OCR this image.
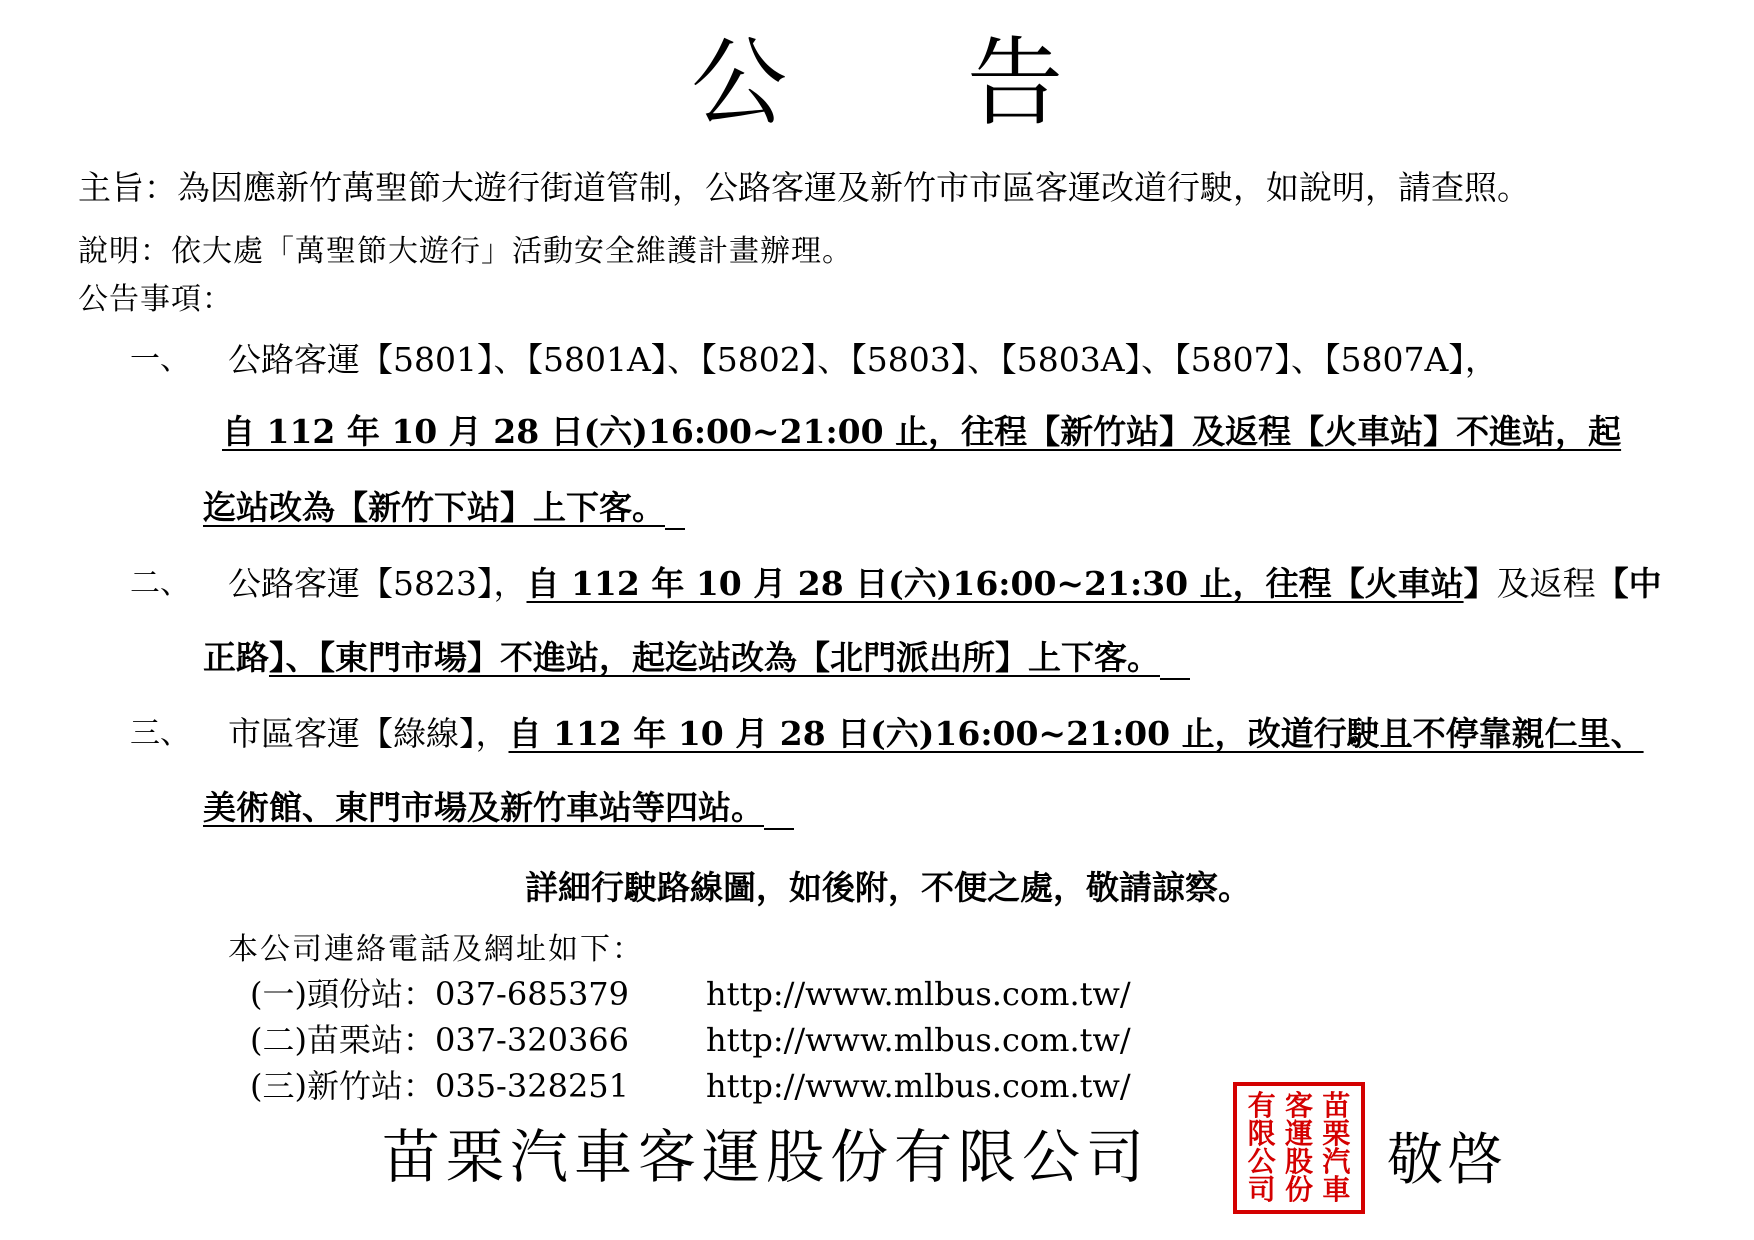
公 告
主旨：為因應新竹萬聖節大遊行街道管制，公路客運及新竹市市區客運改道行駛，如說明，請查照。
說明：依大處「萬聖節大遊行」活動安全維護計畫辦理。
公告事項：
一、 公路客運【5801】、【5801A】、【5802】、【5803】、【5803A】、【5807】、【5807A】，
自 112 年 10 月 28 日(六)16:00~21:00 止，往程【新竹站】及返程【火車站】不進站，起
迄站改為【新竹下站】上下客。
二、 公路客運【5823】，自 112 年 10 月 28 日(六)16:00~21:30 止，往程【火車站】及返程【中
正路】、【東門市場】不進站，起迄站改為【北門派出所】上下客。
三、 市區客運【綠線】，自 112 年 10 月 28 日(六)16:00~21:00 止，改道行駛且不停靠親仁里、
美術館、東門市場及新竹車站等四站。
詳細行駛路線圖，如後附，不便之處，敬請諒察。
本公司連絡電話及網址如下：
(一)頭份站：037-685379 http://www.mlbus.com.tw/
(二)苗栗站：037-320366 http://www.mlbus.com.tw/
(三)新竹站：035-328251 http://www.mlbus.com.tw/
苗栗汽車客運股份有限公司
有 客 苗
限 運 栗
公 股 汽
司 份 車 敬啓
